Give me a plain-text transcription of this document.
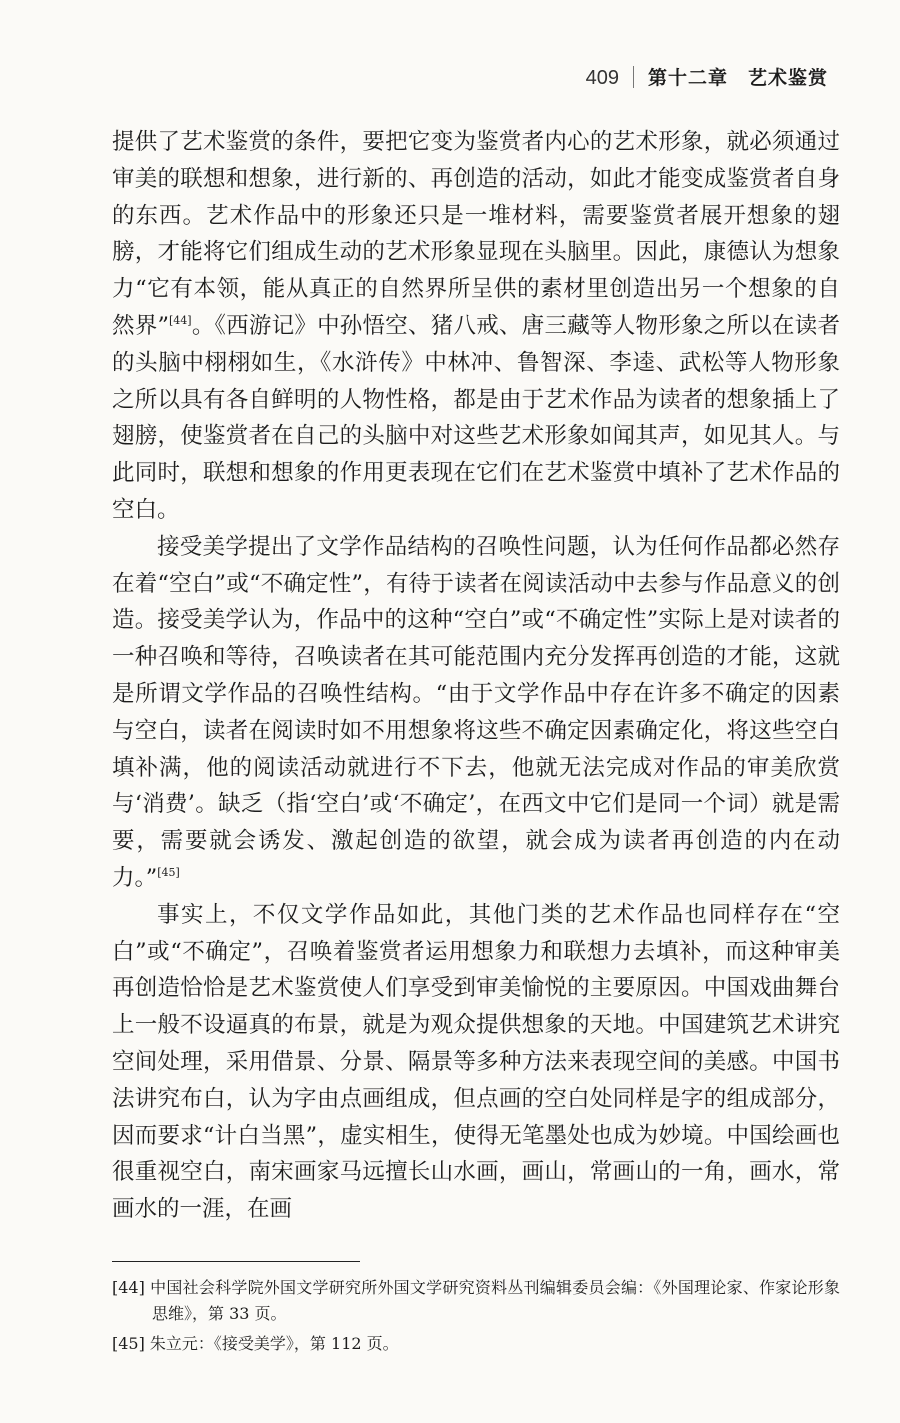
409 第十二章　艺术鉴赏

提供了艺术鉴赏的条件，要把它变为鉴赏者内心的艺术形象，就必须通过审美的联想和想象，进行新的、再创造的活动，如此才能变成鉴赏者自身的东西。艺术作品中的形象还只是一堆材料，需要鉴赏者展开想象的翅膀，才能将它们组成生动的艺术形象显现在头脑里。因此，康德认为想象力“它有本领，能从真正的自然界所呈供的素材里创造出另一个想象的自然界”[44]。《西游记》中孙悟空、猪八戒、唐三藏等人物形象之所以在读者的头脑中栩栩如生，《水浒传》中林冲、鲁智深、李逵、武松等人物形象之所以具有各自鲜明的人物性格，都是由于艺术作品为读者的想象插上了翅膀，使鉴赏者在自己的头脑中对这些艺术形象如闻其声，如见其人。与此同时，联想和想象的作用更表现在它们在艺术鉴赏中填补了艺术作品的空白。

接受美学提出了文学作品结构的召唤性问题，认为任何作品都必然存在着“空白”或“不确定性”，有待于读者在阅读活动中去参与作品意义的创造。接受美学认为，作品中的这种“空白”或“不确定性”实际上是对读者的一种召唤和等待，召唤读者在其可能范围内充分发挥再创造的才能，这就是所谓文学作品的召唤性结构。“由于文学作品中存在许多不确定的因素与空白，读者在阅读时如不用想象将这些不确定因素确定化，将这些空白填补满，他的阅读活动就进行不下去，他就无法完成对作品的审美欣赏与‘消费’。缺乏（指‘空白’或‘不确定’，在西文中它们是同一个词）就是需要，需要就会诱发、激起创造的欲望，就会成为读者再创造的内在动力。”[45]

事实上，不仅文学作品如此，其他门类的艺术作品也同样存在“空白”或“不确定”，召唤着鉴赏者运用想象力和联想力去填补，而这种审美再创造恰恰是艺术鉴赏使人们享受到审美愉悦的主要原因。中国戏曲舞台上一般不设逼真的布景，就是为观众提供想象的天地。中国建筑艺术讲究空间处理，采用借景、分景、隔景等多种方法来表现空间的美感。中国书法讲究布白，认为字由点画组成，但点画的空白处同样是字的组成部分，因而要求“计白当黑”，虚实相生，使得无笔墨处也成为妙境。中国绘画也很重视空白，南宋画家马远擅长山水画，画山，常画山的一角，画水，常画水的一涯，在画

[44] 中国社会科学院外国文学研究所外国文学研究资料丛刊编辑委员会编：《外国理论家、作家论形象思维》，第 33 页。

[45] 朱立元：《接受美学》，第 112 页。
